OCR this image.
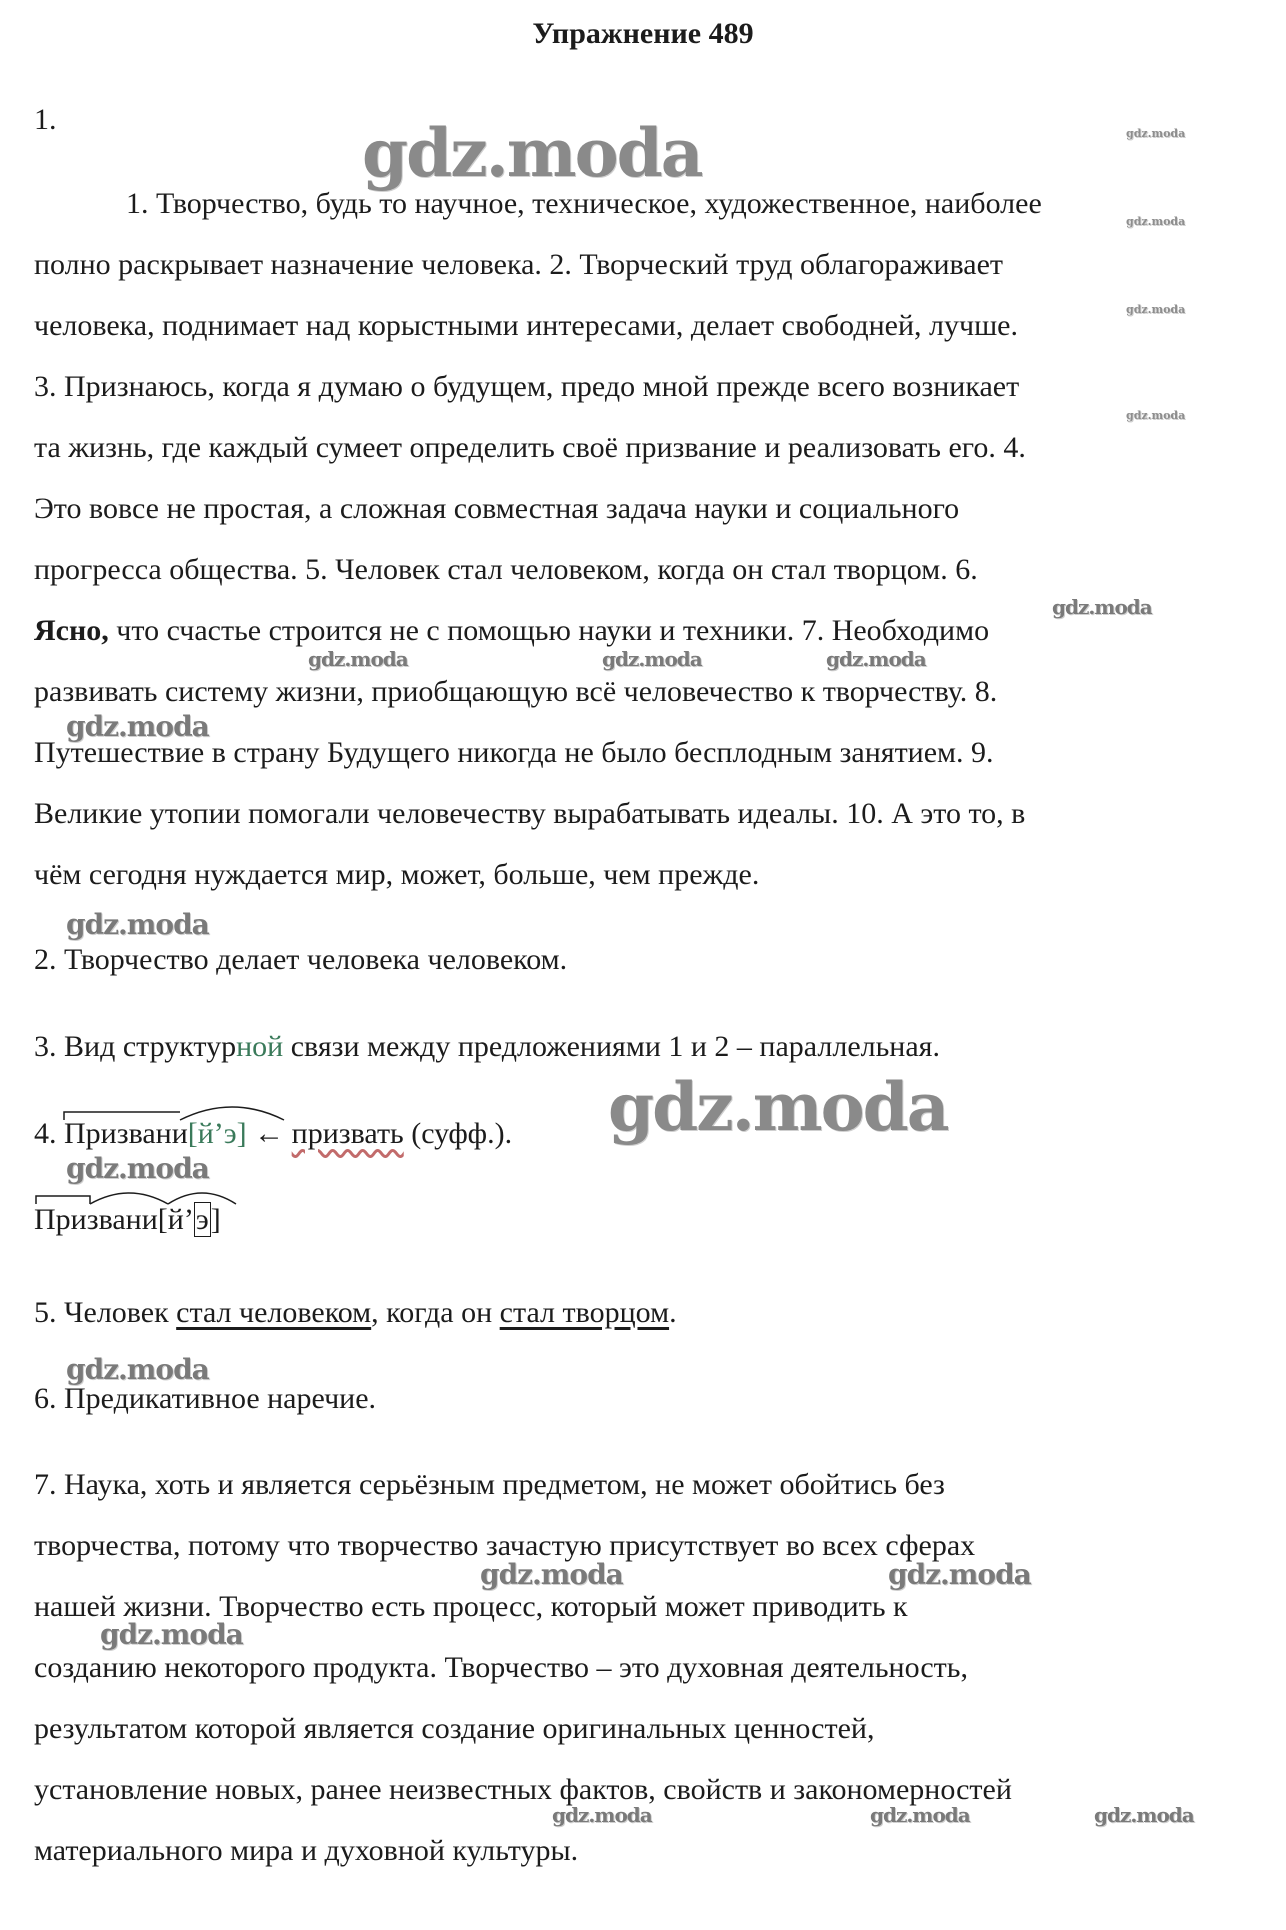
Упражнение 489
1.
1. Творчество, будь то научное, техническое, художественное, наиболее
полно раскрывает назначение человека. 2. Творческий труд облагораживает
человека, поднимает над корыстными интересами, делает свободней, лучше.
3. Признаюсь, когда я думаю о будущем, предо мной прежде всего возникает
та жизнь, где каждый сумеет определить своё призвание и реализовать его. 4.
Это вовсе не простая, а сложная совместная задача науки и социального
прогресса общества. 5. Человек стал человеком, когда он стал творцом. 6.
Ясно, что счастье строится не с помощью науки и техники. 7. Необходимо
развивать систему жизни, приобщающую всё человечество к творчеству. 8.
Путешествие в страну Будущего никогда не было бесплодным занятием. 9.
Великие утопии помогали человечеству вырабатывать идеалы. 10. А это то, в
чём сегодня нуждается мир, может, больше, чем прежде.
2. Творчество делает человека человеком.
3. Вид структурной связи между предложениями 1 и 2 – параллельная.
4. Призвани[й’э] ← призвать (суфф.).
Призвани[й’э]
5. Человек стал человеком, когда он стал творцом.
6. Предикативное наречие.
7. Наука, хоть и является серьёзным предметом, не может обойтись без
творчества, потому что творчество зачастую присутствует во всех сферах
нашей жизни. Творчество есть процесс, который может приводить к
созданию некоторого продукта. Творчество – это духовная деятельность,
результатом которой является создание оригинальных ценностей,
установление новых, ранее неизвестных фактов, свойств и закономерностей
материального мира и духовной культуры.
gdz.moda
gdz.moda
gdz.moda
gdz.moda
gdz.moda
gdz.moda
gdz.moda	gdz.moda
gdz.moda
gdz.moda
gdz.moda	gdz.moda	gdz.moda
gdz.moda	gdz.moda	gdz.moda
gdz.moda
gdz.moda
gdz.moda
gdz.moda
